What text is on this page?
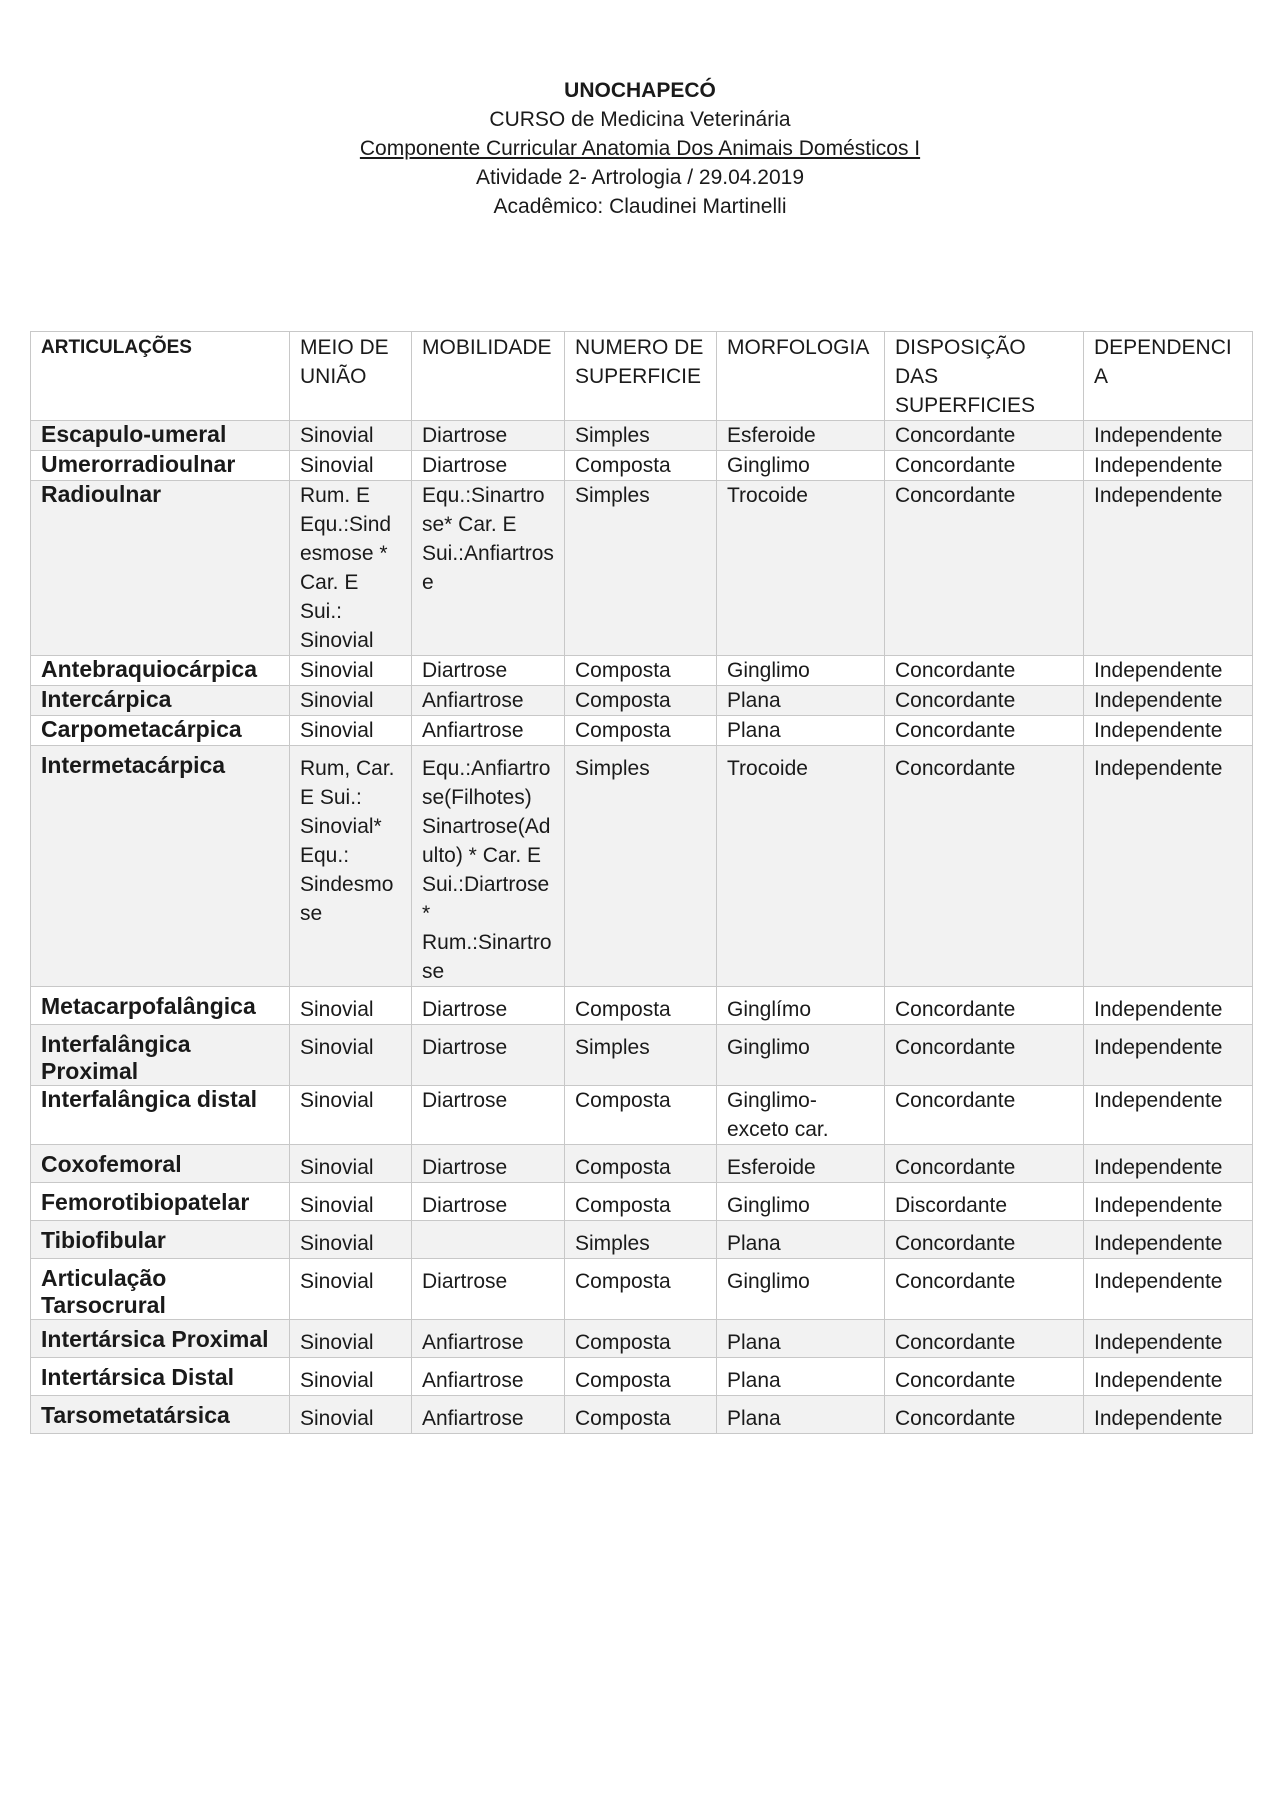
UNOCHAPECÓ
CURSO de Medicina Veterinária
Componente Curricular Anatomia Dos Animais Domésticos I
Atividade 2- Artrologia / 29.04.2019
Acadêmico: Claudinei Martinelli
ARTICULAÇÕES	MEIO DE UNIÃO	MOBILIDADE	NUMERO DE SUPERFICIE	MORFOLOGIA	DISPOSIÇÃO DAS SUPERFICIES	DEPENDENCIA
Escapulo-umeral	Sinovial	Diartrose	Simples	Esferoide	Concordante	Independente
Umerorradioulnar	Sinovial	Diartrose	Composta	Ginglimo	Concordante	Independente
Radioulnar	Rum. E Equ.:Sindesmose * Car. E Sui.: Sinovial	Equ.:Sinartrose* Car. E Sui.:Anfiartrose	Simples	Trocoide	Concordante	Independente
Antebraquiocárpica	Sinovial	Diartrose	Composta	Ginglimo	Concordante	Independente
Intercárpica	Sinovial	Anfiartrose	Composta	Plana	Concordante	Independente
Carpometacárpica	Sinovial	Anfiartrose	Composta	Plana	Concordante	Independente
Intermetacárpica	Rum, Car. E Sui.: Sinovial* Equ.: Sindesmose	Equ.:Anfiartrose(Filhotes) Sinartrose(Adulto) * Car. E Sui.:Diartrose * Rum.:Sinartrose	Simples	Trocoide	Concordante	Independente
Metacarpofalângica	Sinovial	Diartrose	Composta	Ginglímo	Concordante	Independente
Interfalângica Proximal	Sinovial	Diartrose	Simples	Ginglimo	Concordante	Independente
Interfalângica distal	Sinovial	Diartrose	Composta	Ginglimo- exceto car.	Concordante	Independente
Coxofemoral	Sinovial	Diartrose	Composta	Esferoide	Concordante	Independente
Femorotibiopatelar	Sinovial	Diartrose	Composta	Ginglimo	Discordante	Independente
Tibiofibular	Sinovial		Simples	Plana	Concordante	Independente
Articulação Tarsocrural	Sinovial	Diartrose	Composta	Ginglimo	Concordante	Independente
Intertársica Proximal	Sinovial	Anfiartrose	Composta	Plana	Concordante	Independente
Intertársica Distal	Sinovial	Anfiartrose	Composta	Plana	Concordante	Independente
Tarsometatársica	Sinovial	Anfiartrose	Composta	Plana	Concordante	Independente
